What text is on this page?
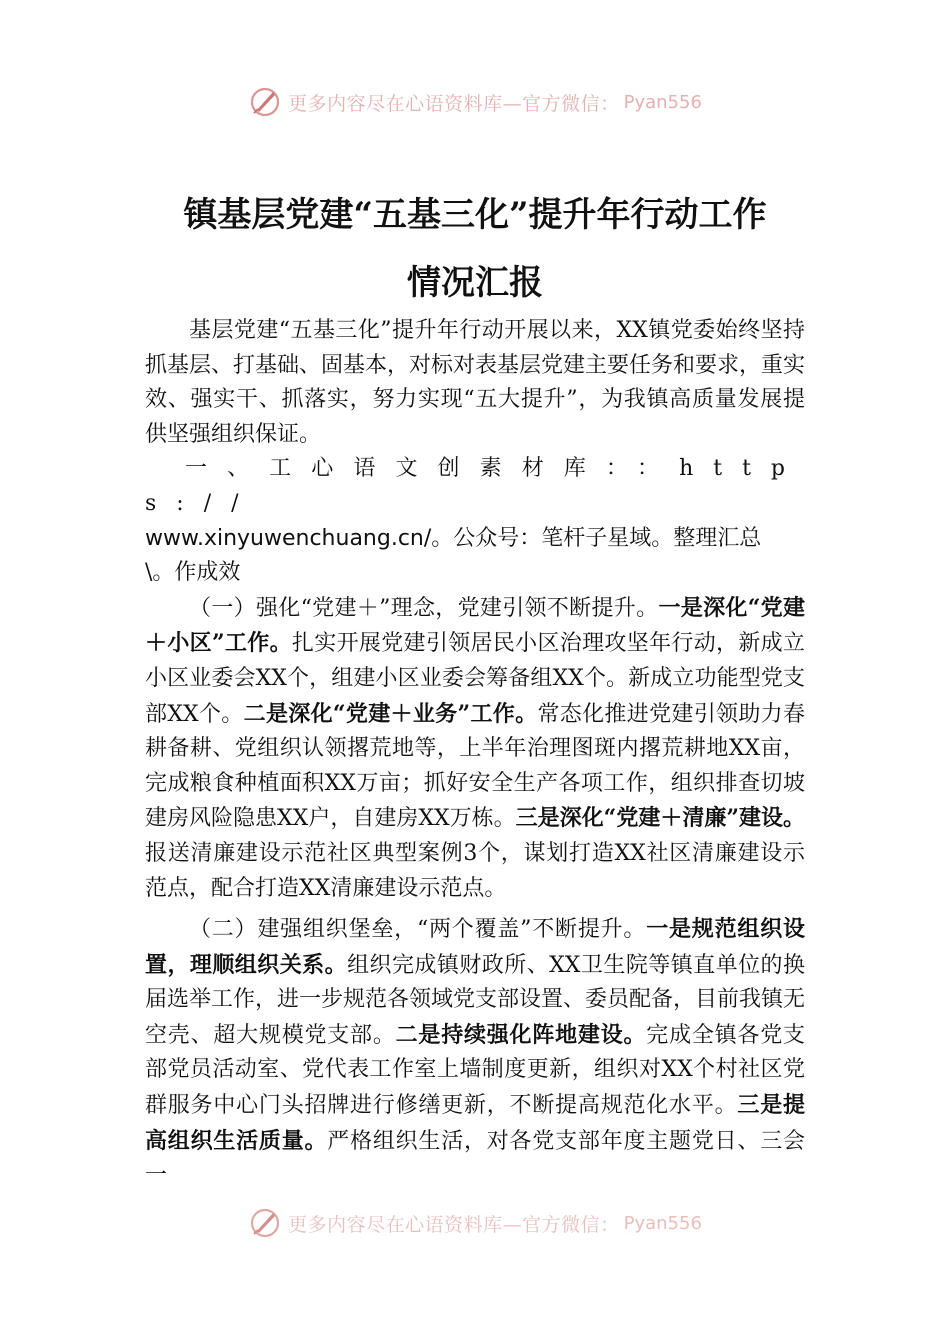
更多内容尽在心语资料库—官方微信： Pyan556
镇基层党建“五基三化”提升年行动工作
情况汇报

基层党建“五基三化”提升年行动开展以来，XX镇党委始终坚持抓基层、打基础、固基本，对标对表基层党建主要任务和要求，重实效、强实干、抓落实，努力实现“五大提升”，为我镇高质量发展提供坚强组织保证。

一、工心语文创素材库：：https://

www.xinyuwenchuang.cn/。公众号：笔杆子星域。整理汇总
\。作成效

（一）强化“党建＋”理念，党建引领不断提升。一是深化“党建＋小区”工作。扎实开展党建引领居民小区治理攻坚年行动，新成立小区业委会XX个，组建小区业委会筹备组XX个。新成立功能型党支部XX个。二是深化“党建＋业务”工作。常态化推进党建引领助力春耕备耕、党组织认领撂荒地等，上半年治理图斑内撂荒耕地XX亩，完成粮食种植面积XX万亩；抓好安全生产各项工作，组织排查切坡建房风险隐患XX户，自建房XX万栋。三是深化“党建＋清廉”建设。报送清廉建设示范社区典型案例3个，谋划打造XX社区清廉建设示范点，配合打造XX清廉建设示范点。

（二）建强组织堡垒，“两个覆盖”不断提升。一是规范组织设置，理顺组织关系。组织完成镇财政所、XX卫生院等镇直单位的换届选举工作，进一步规范各领域党支部设置、委员配备，目前我镇无空壳、超大规模党支部。二是持续强化阵地建设。完成全镇各党支部党员活动室、党代表工作室上墙制度更新，组织对XX个村社区党群服务中心门头招牌进行修缮更新，不断提高规范化水平。三是提高组织生活质量。严格组织生活，对各党支部年度主题党日、三会一

更多内容尽在心语资料库—官方微信： Pyan556
